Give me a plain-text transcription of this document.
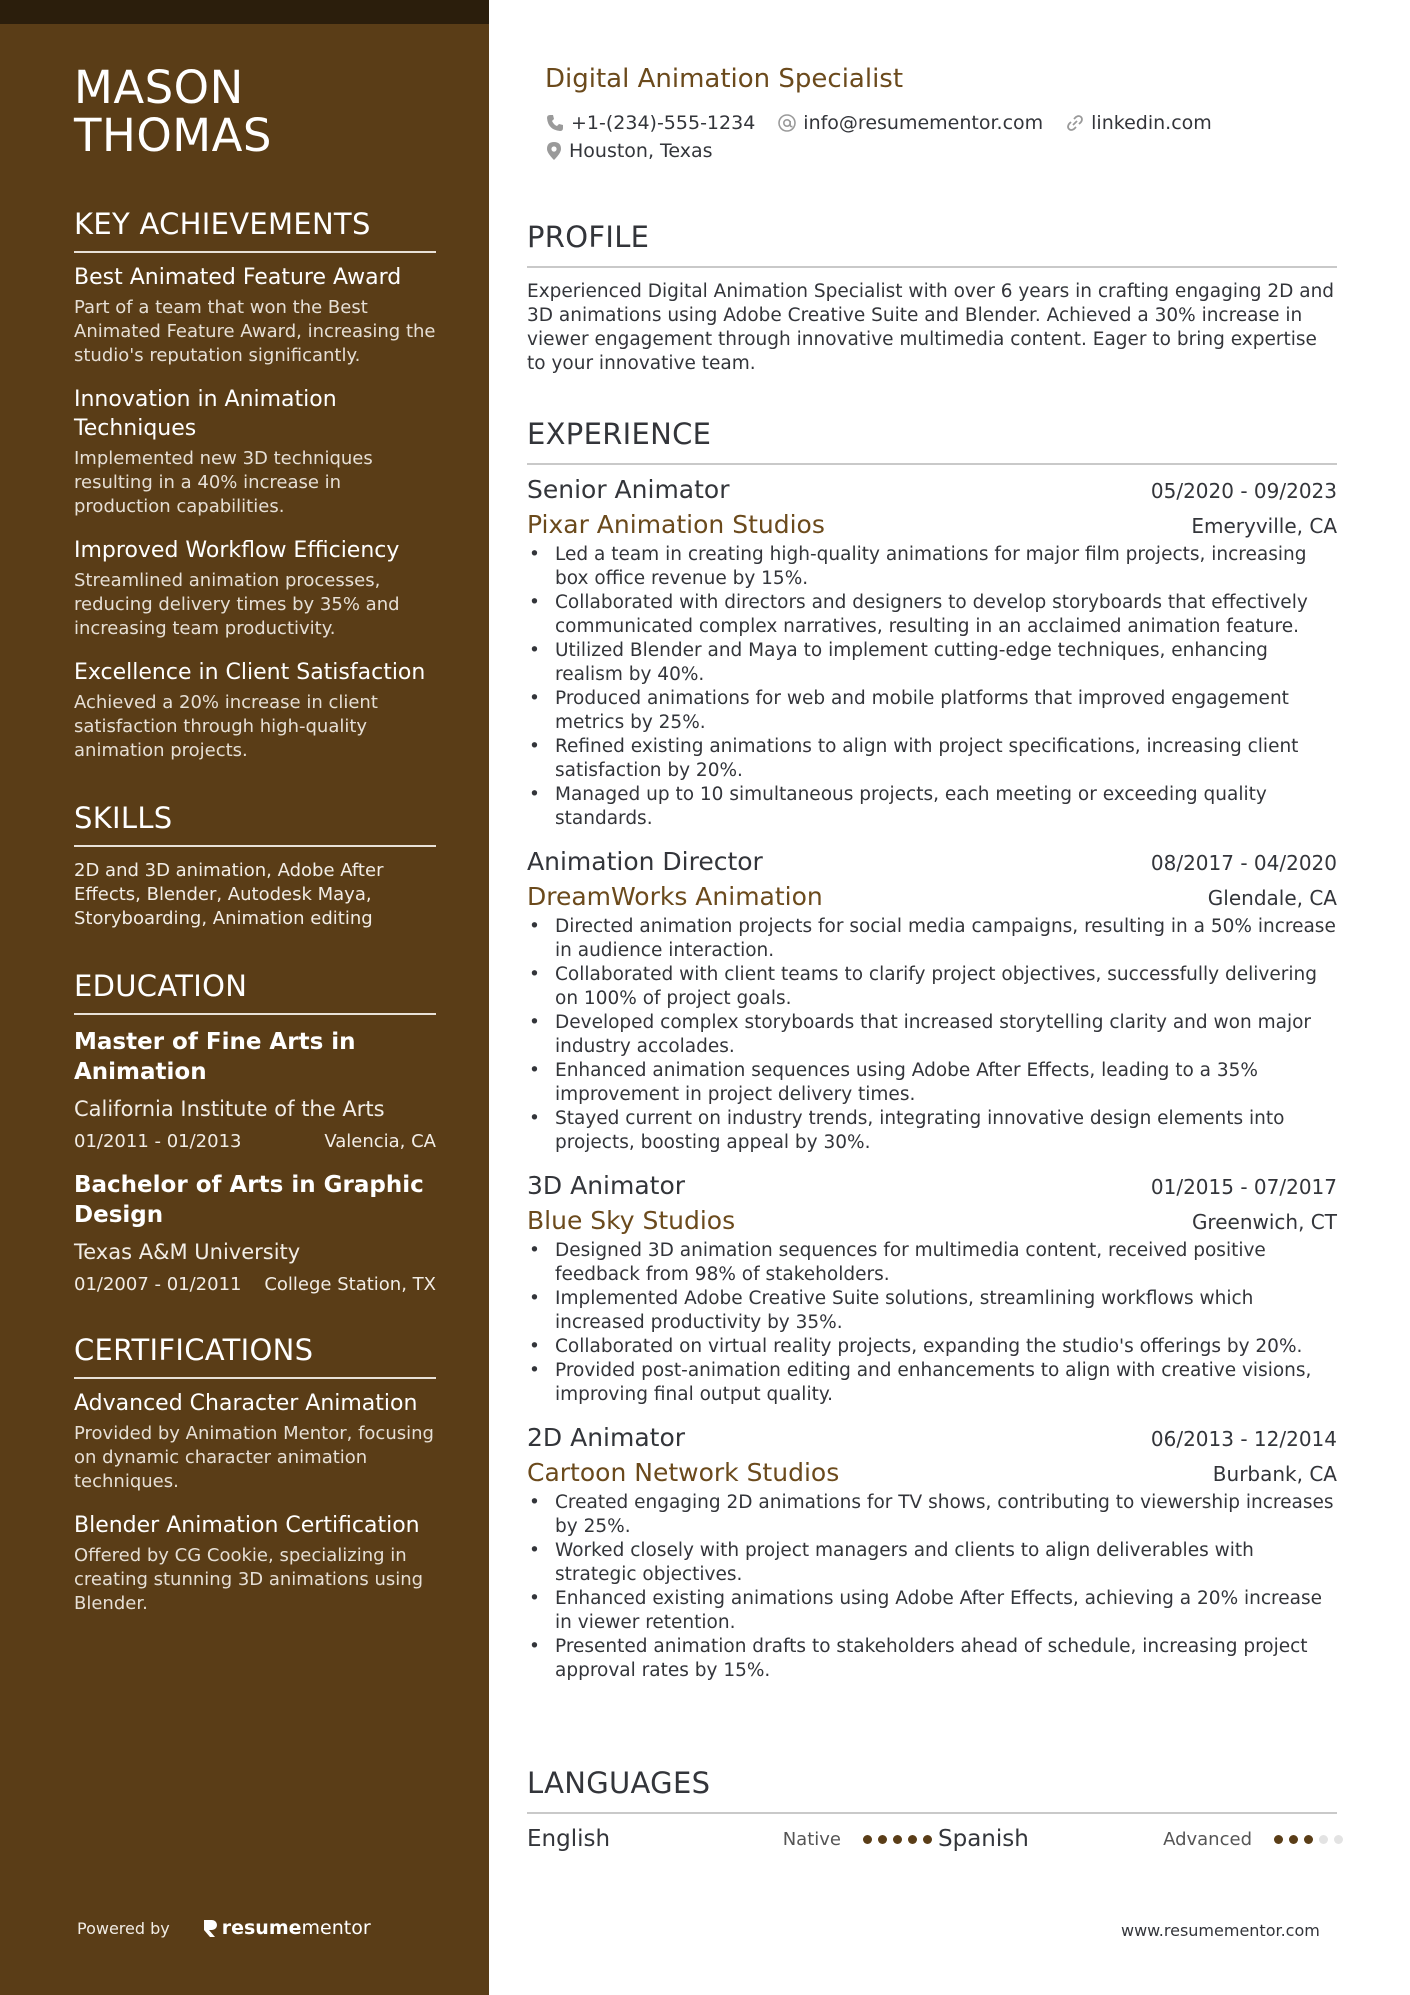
MASON
THOMAS
KEY ACHIEVEMENTS
Best Animated Feature Award
Part of a team that won the Best Animated Feature Award, increasing the studio's reputation significantly.
Innovation in Animation Techniques
Implemented new 3D techniques resulting in a 40% increase in production capabilities.
Improved Workflow Efficiency
Streamlined animation processes, reducing delivery times by 35% and increasing team productivity.
Excellence in Client Satisfaction
Achieved a 20% increase in client satisfaction through high-quality animation projects.
SKILLS
2D and 3D animation, Adobe After Effects, Blender, Autodesk Maya, Storyboarding, Animation editing
EDUCATION
Master of Fine Arts in Animation
California Institute of the Arts
01/2011 - 01/2013	Valencia, CA
Bachelor of Arts in Graphic Design
Texas A&M University
01/2007 - 01/2011 College Station, TX
CERTIFICATIONS
Advanced Character Animation
Provided by Animation Mentor, focusing on dynamic character animation techniques.
Blender Animation Certification
Offered by CG Cookie, specializing in creating stunning 3D animations using Blender.
Powered by	resume mentor
Digital Animation Specialist
+1-(234)-555-1234	info@resumementor.com	linkedin.com
Houston, Texas
PROFILE
Experienced Digital Animation Specialist with over 6 years in crafting engaging 2D and 3D animations using Adobe Creative Suite and Blender. Achieved a 30% increase in viewer engagement through innovative multimedia content. Eager to bring expertise to your innovative team.
EXPERIENCE
Senior Animator	05/2020 - 09/2023
Pixar Animation Studios	Emeryville, CA
• Led a team in creating high-quality animations for major film projects, increasing box office revenue by 15%.
• Collaborated with directors and designers to develop storyboards that effectively communicated complex narratives, resulting in an acclaimed animation feature.
• Utilized Blender and Maya to implement cutting-edge techniques, enhancing realism by 40%.
• Produced animations for web and mobile platforms that improved engagement metrics by 25%.
• Refined existing animations to align with project specifications, increasing client satisfaction by 20%.
• Managed up to 10 simultaneous projects, each meeting or exceeding quality standards.
Animation Director	08/2017 - 04/2020
DreamWorks Animation	Glendale, CA
• Directed animation projects for social media campaigns, resulting in a 50% increase in audience interaction.
• Collaborated with client teams to clarify project objectives, successfully delivering on 100% of project goals.
• Developed complex storyboards that increased storytelling clarity and won major industry accolades.
• Enhanced animation sequences using Adobe After Effects, leading to a 35% improvement in project delivery times.
• Stayed current on industry trends, integrating innovative design elements into projects, boosting appeal by 30%.
3D Animator	01/2015 - 07/2017
Blue Sky Studios	Greenwich, CT
• Designed 3D animation sequences for multimedia content, received positive feedback from 98% of stakeholders.
• Implemented Adobe Creative Suite solutions, streamlining workflows which increased productivity by 35%.
• Collaborated on virtual reality projects, expanding the studio's offerings by 20%.
• Provided post-animation editing and enhancements to align with creative visions, improving final output quality.
2D Animator	06/2013 - 12/2014
Cartoon Network Studios	Burbank, CA
• Created engaging 2D animations for TV shows, contributing to viewership increases by 25%.
• Worked closely with project managers and clients to align deliverables with strategic objectives.
• Enhanced existing animations using Adobe After Effects, achieving a 20% increase in viewer retention.
• Presented animation drafts to stakeholders ahead of schedule, increasing project approval rates by 15%.
LANGUAGES
English	Native	Spanish	Advanced
www.resumementor.com
